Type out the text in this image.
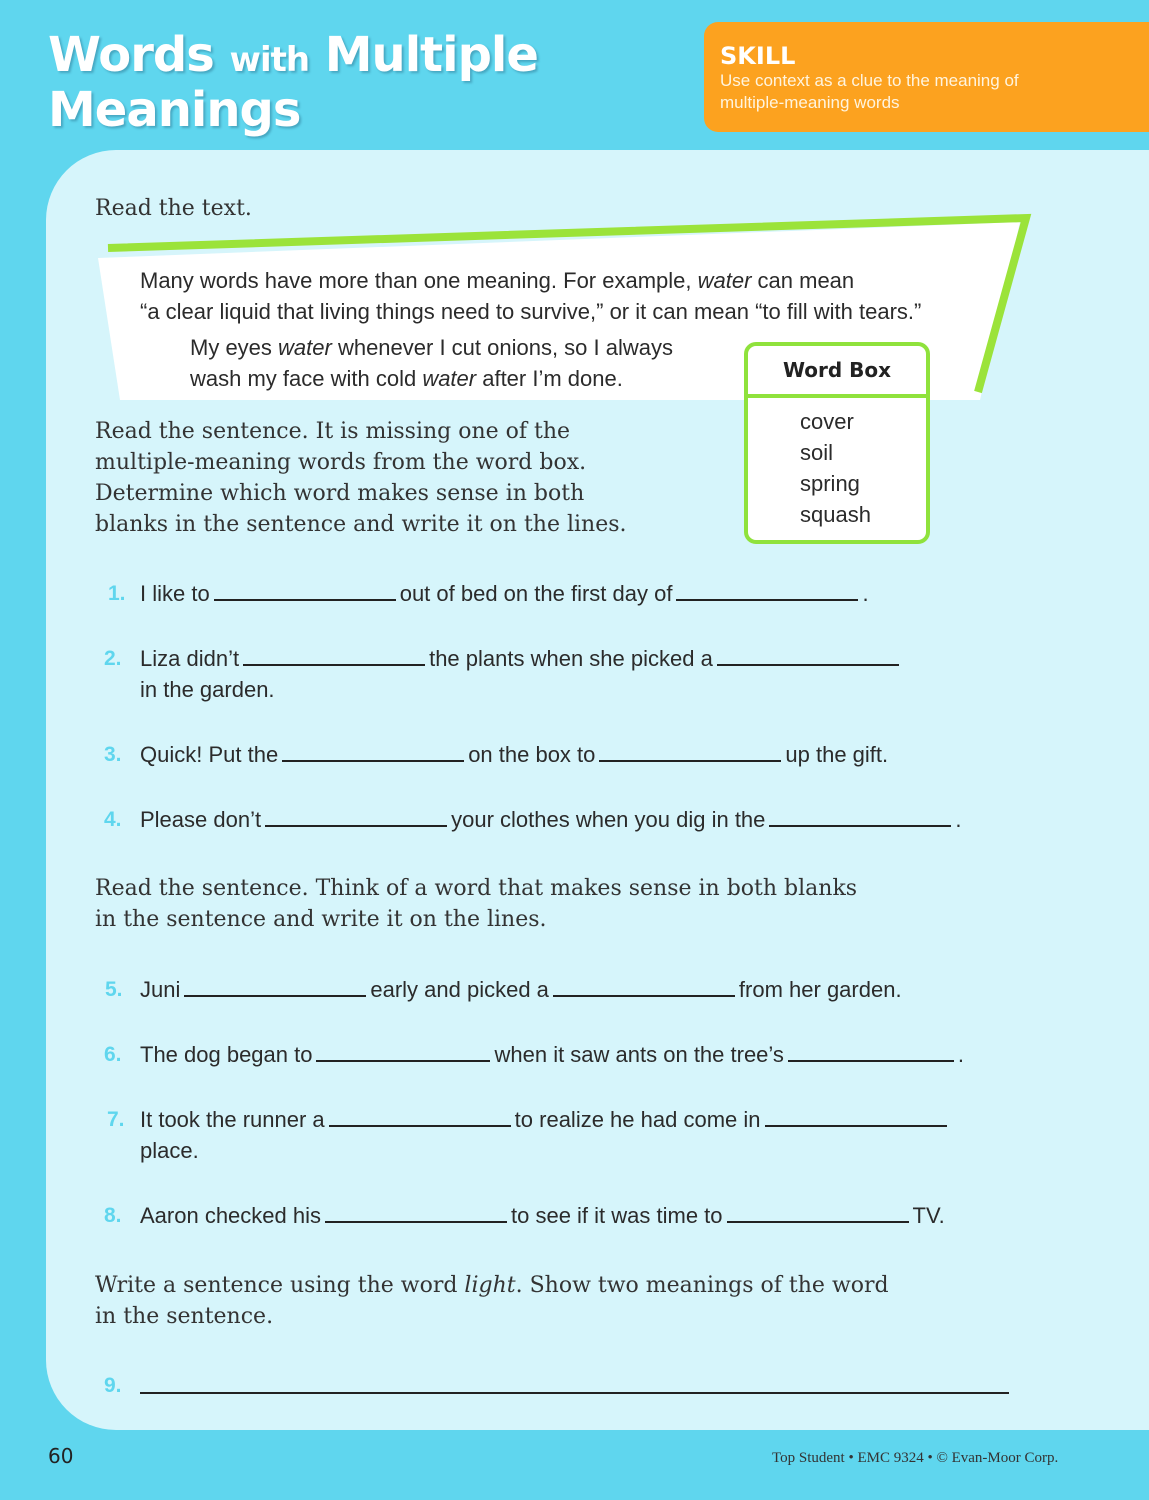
Words with Multiple
Meanings
SKILL
Use context as a clue to the meaning of multiple-meaning words
Read the text.
Many words have more than one meaning. For example, water can mean
“a clear liquid that living things need to survive,” or it can mean “to fill with tears.”
My eyes water whenever I cut onions, so I always
wash my face with cold water after I’m done.	Word Box
cover
soil
spring
squash
Read the sentence. It is missing one of the
multiple-meaning words from the word box.
Determine which word makes sense in both
blanks in the sentence and write it on the lines.
1. I like to	out of bed on the first day of	.
2. Liza didn’t	the plants when she picked a
in the garden.
3. Quick! Put the	on the box to	up the gift.
4. Please don’t	your clothes when you dig in the	.
Read the sentence. Think of a word that makes sense in both blanks
in the sentence and write it on the lines.
5. Juni	early and picked a	from her garden.
6. The dog began to	when it saw ants on the tree’s	.
7. It took the runner a	to realize he had come in
place.
8. Aaron checked his	to see if it was time to	TV.
Write a sentence using the word light. Show two meanings of the word
in the sentence.
9.
60	Top Student • EMC 9324 • © Evan-Moor Corp.
